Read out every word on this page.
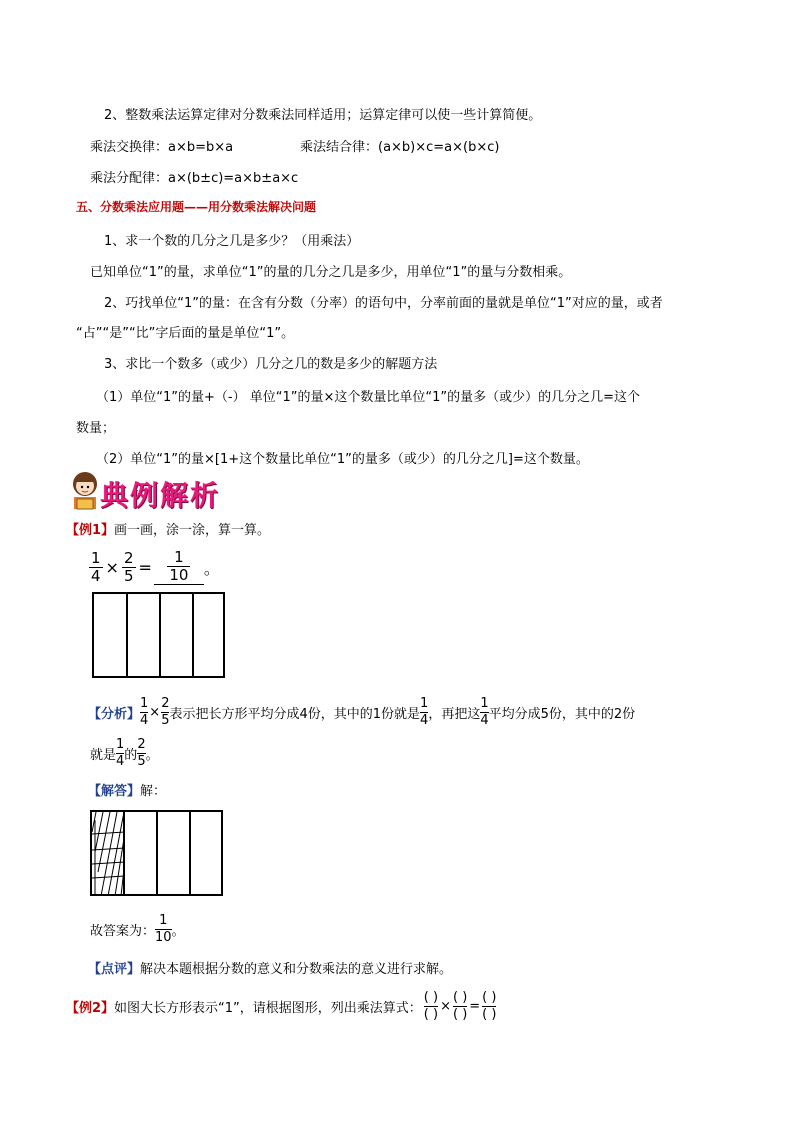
2、整数乘法运算定律对分数乘法同样适用；运算定律可以使一些计算简便。
乘法交换律：a×b=b×a	乘法结合律：(a×b)×c=a×(b×c)
乘法分配律：a×(b±c)=a×b±a×c
五、分数乘法应用题——用分数乘法解决问题
1、求一个数的几分之几是多少？（用乘法）
已知单位“1”的量，求单位“1”的量的几分之几是多少，用单位“1”的量与分数相乘。
2、巧找单位“1”的量：在含有分数（分率）的语句中，分率前面的量就是单位“1”对应的量，或者
“占”“是”“比”字后面的量是单位“1”。
3、求比一个数多（或少）几分之几的数是多少的解题方法
（1）单位“1”的量+（-） 单位“1”的量×这个数量比单位“1”的量多（或少）的几分之几=这个
数量；
（2）单位“1”的量×[1+这个数量比单位“1”的量多（或少）的几分之几]=这个数量。
典例解析
【例1】画一画，涂一涂，算一算。
$\frac{1}{4} \times \frac{2}{5} = \frac{1}{10}$ 。
【分析】 $\frac{1}{4} \times \frac{2}{5}$ 表示把长方形平均分成4份，其中的1份就是
1
4 ，再把这
1
4 平均分成5份，其中的2份
就是
1
4 的
2
5 。
【解答】解：
故答案为：
1
10 。
【点评】解决本题根据分数的意义和分数乘法的意义进行求解。
【例2】 如图大长方形表示“1”，请根据图形，列出乘法算式：
( )
( )
×
( )
( )
=
( )
( )
